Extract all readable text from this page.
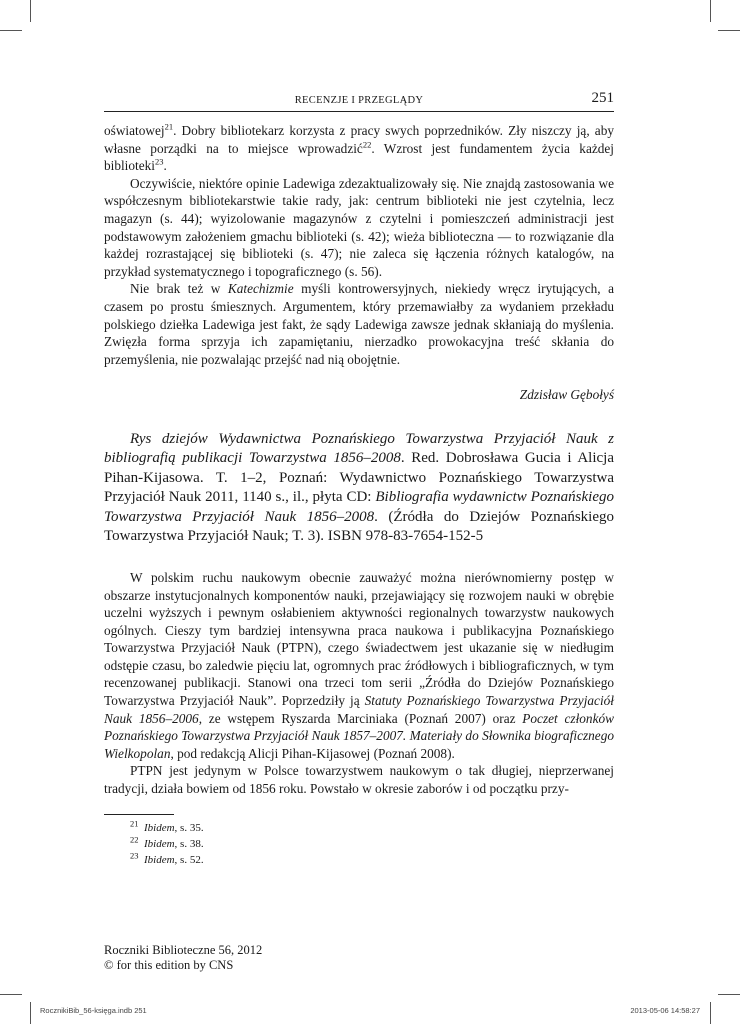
RECENZJE I PRZEGLĄDY	251

oświatowej$^{21}$. Dobry bibliotekarz korzysta z pracy swych poprzedników. Zły niszczy ją, aby własne porządki na to miejsce wprowadzić$^{22}$. Wzrost jest fundamentem życia każdej biblioteki$^{23}$.

Oczywiście, niektóre opinie Ladewiga zdezaktualizowały się. Nie znajdą zastosowania we współczesnym bibliotekarstwie takie rady, jak: centrum biblioteki nie jest czytelnia, lecz magazyn (s. 44); wyizolowanie magazynów z czytelni i pomieszczeń administracji jest podstawowym założeniem gmachu biblioteki (s. 42); wieża biblioteczna — to rozwiązanie dla każdej rozrastającej się biblioteki (s. 47); nie zaleca się łączenia różnych katalogów, na przykład systematycznego i topograficznego (s. 56).

Nie brak też w Katechizmie myśli kontrowersyjnych, niekiedy wręcz irytujących, a czasem po prostu śmiesznych. Argumentem, który przemawiałby za wydaniem przekładu polskiego dziełka Ladewiga jest fakt, że sądy Ladewiga zawsze jednak skłaniają do myślenia. Zwięzła forma sprzyja ich zapamiętaniu, nierzadko prowokacyjna treść skłania do przemyślenia, nie pozwalając przejść nad nią obojętnie.

Zdzisław Gębołyś

Rys dziejów Wydawnictwa Poznańskiego Towarzystwa Przyjaciół Nauk z bibliografią publikacji Towarzystwa 1856–2008. Red. Dobrosława Gucia i Alicja Pihan-Kijasowa. T. 1–2, Poznań: Wydawnictwo Poznańskiego Towarzystwa Przyjaciół Nauk 2011, 1140 s., il., płyta CD: Bibliografia wydawnictw Poznańskiego Towarzystwa Przyjaciół Nauk 1856–2008. (Źródła do Dziejów Poznańskiego Towarzystwa Przyjaciół Nauk; T. 3). ISBN 978-83-7654-152-5

W polskim ruchu naukowym obecnie zauważyć można nierównomierny postęp w obszarze instytucjonalnych komponentów nauki, przejawiający się rozwojem nauki w obrębie uczelni wyższych i pewnym osłabieniem aktywności regionalnych towarzystw naukowych ogólnych. Cieszy tym bardziej intensywna praca naukowa i publikacyjna Poznańskiego Towarzystwa Przyjaciół Nauk (PTPN), czego świadectwem jest ukazanie się w niedługim odstępie czasu, bo zaledwie pięciu lat, ogromnych prac źródłowych i bibliograficznych, w tym recenzowanej publikacji. Stanowi ona trzeci tom serii „Źródła do Dziejów Poznańskiego Towarzystwa Przyjaciół Nauk”. Poprzedziły ją Statuty Poznańskiego Towarzystwa Przyjaciół Nauk 1856–2006, ze wstępem Ryszarda Marciniaka (Poznań 2007) oraz Poczet członków Poznańskiego Towarzystwa Przyjaciół Nauk 1857–2007. Materiały do Słownika biograficznego Wielkopolan, pod redakcją Alicji Pihan-Kijasowej (Poznań 2008).

PTPN jest jedynym w Polsce towarzystwem naukowym o tak długiej, nieprzerwanej tradycji, działa bowiem od 1856 roku. Powstało w okresie zaborów i od początku przy-

$^{21}$ Ibidem, s. 35.
$^{22}$ Ibidem, s. 38.
$^{23}$ Ibidem, s. 52.
Roczniki Biblioteczne 56, 2012
© for this edition by CNS
RocznikiBib_56-księga.indb 251	2013-05-06 14:58:27
